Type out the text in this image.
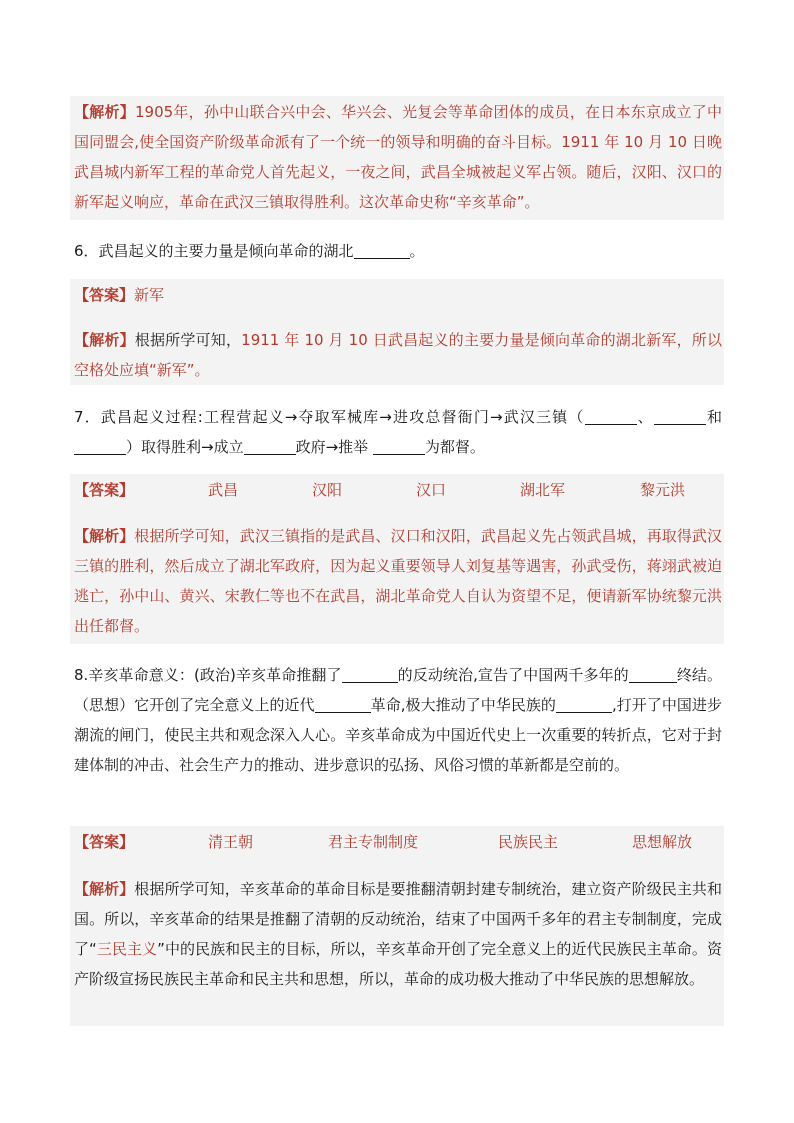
【解析】1905年，孙中山联合兴中会、华兴会、光复会等革命团体的成员，在日本东京成立了中国同盟会,使全国资产阶级革命派有了一个统一的领导和明确的奋斗目标。1911 年 10 月 10 日晚武昌城内新军工程的革命党人首先起义，一夜之间，武昌全城被起义军占领。随后，汉阳、汉口的新军起义响应，革命在武汉三镇取得胜利。这次革命史称“辛亥革命”。
6．武昌起义的主要力量是倾向革命的湖北	。
【答案】新军
【解析】根据所学可知，1911 年 10 月 10 日武昌起义的主要力量是倾向革命的湖北新军，所以空格处应填“新军”。
7．武昌起义过程:工程营起义→夺取军械库→进攻总督衙门→武汉三镇（	、	和）取得胜利→成立	政府→推举	为都督。
【答案】	武昌	汉阳	汉口	湖北军	黎元洪
【解析】根据所学可知，武汉三镇指的是武昌、汉口和汉阳，武昌起义先占领武昌城，再取得武汉三镇的胜利，然后成立了湖北军政府，因为起义重要领导人刘复基等遇害，孙武受伤，蒋翊武被迫逃亡，孙中山、黄兴、宋教仁等也不在武昌，湖北革命党人自认为资望不足，便请新军协统黎元洪出任都督。
8.辛亥革命意义：(政治)辛亥革命推翻了	的反动统治,宣告了中国两千多年的	终结。 （思想）它开创了完全意义上的近代	革命,极大推动了中华民族的	,打开了中国进步潮流的闸门，使民主共和观念深入人心。辛亥革命成为中国近代史上一次重要的转折点，它对于封建体制的冲击、社会生产力的推动、进步意识的弘扬、风俗习惯的革新都是空前的。
【答案】	清王朝	君主专制制度	民族民主	思想解放
【解析】根据所学可知，辛亥革命的革命目标是要推翻清朝封建专制统治，建立资产阶级民主共和国。所以，辛亥革命的结果是推翻了清朝的反动统治，结束了中国两千多年的君主专制制度，完成了“三民主义”中的民族和民主的目标，所以，辛亥革命开创了完全意义上的近代民族民主革命。资产阶级宣扬民族民主革命和民主共和思想，所以，革命的成功极大推动了中华民族的思想解放。
